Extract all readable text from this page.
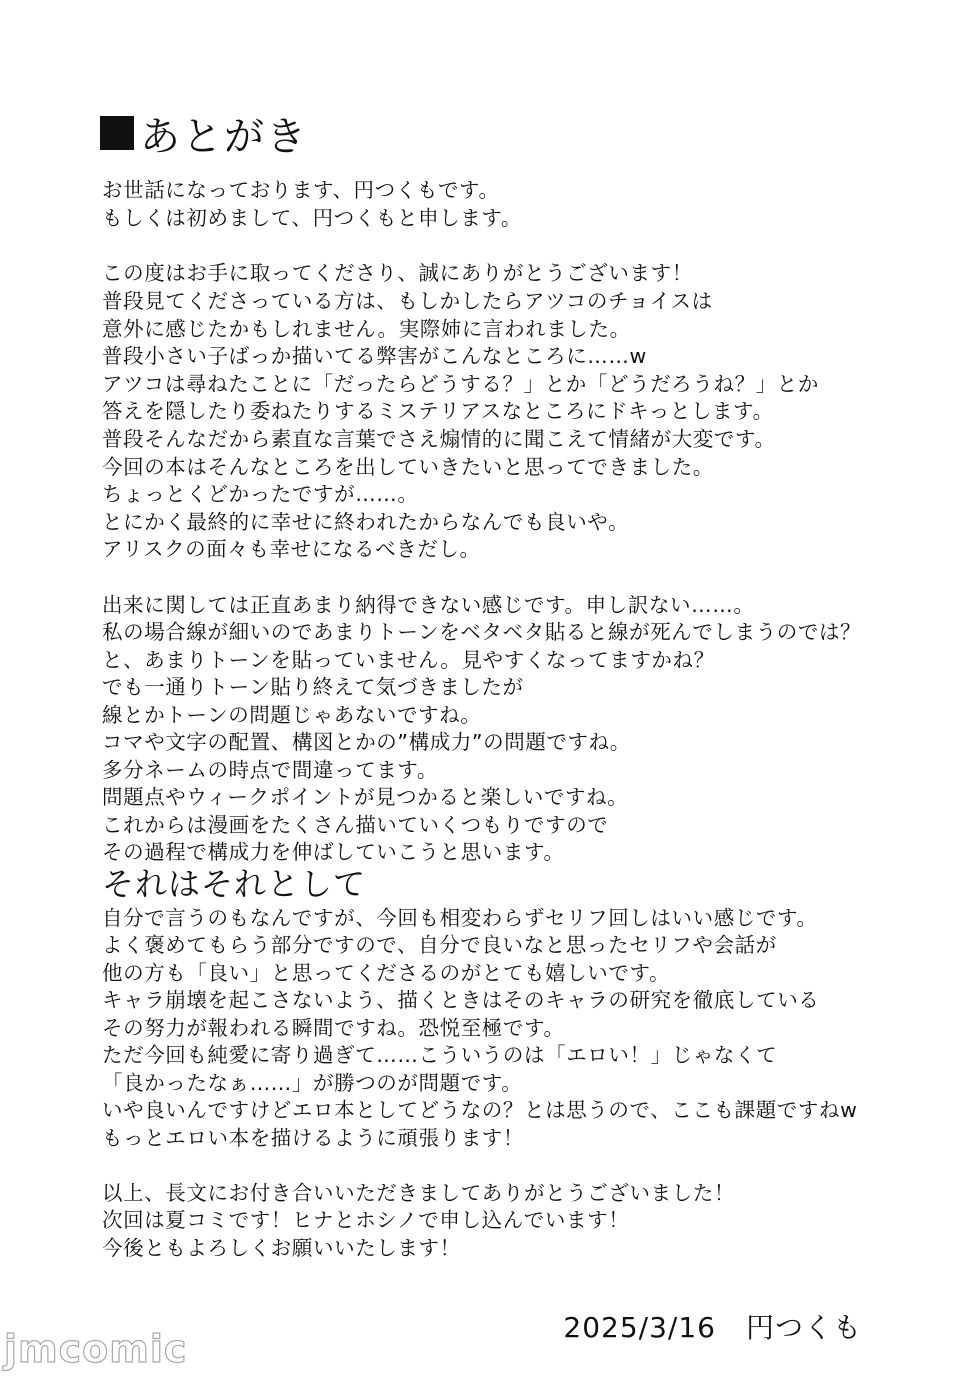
あとがき
お世話になっております、円つくもです。
もしくは初めまして、円つくもと申します。
この度はお手に取ってくださり、誠にありがとうございます！
普段見てくださっている方は、もしかしたらアツコのチョイスは
意外に感じたかもしれません。実際姉に言われました。
普段小さい子ばっか描いてる弊害がこんなところに……w
アツコは尋ねたことに「だったらどうする？」とか「どうだろうね？」とか
答えを隠したり委ねたりするミステリアスなところにドキっとします。
普段そんなだから素直な言葉でさえ煽情的に聞こえて情緒が大変です。
今回の本はそんなところを出していきたいと思ってできました。
ちょっとくどかったですが……。
とにかく最終的に幸せに終われたからなんでも良いや。
アリスクの面々も幸せになるべきだし。
出来に関しては正直あまり納得できない感じです。申し訳ない……。
私の場合線が細いのであまりトーンをベタベタ貼ると線が死んでしまうのでは？
と、あまりトーンを貼っていません。見やすくなってますかね？
でも一通りトーン貼り終えて気づきましたが
線とかトーンの問題じゃあないですね。
コマや文字の配置、構図とかの”構成力”の問題ですね。
多分ネームの時点で間違ってます。
問題点やウィークポイントが見つかると楽しいですね。
これからは漫画をたくさん描いていくつもりですので
その過程で構成力を伸ばしていこうと思います。
それはそれとして
自分で言うのもなんですが、今回も相変わらずセリフ回しはいい感じです。
よく褒めてもらう部分ですので、自分で良いなと思ったセリフや会話が
他の方も「良い」と思ってくださるのがとても嬉しいです。
キャラ崩壊を起こさないよう、描くときはそのキャラの研究を徹底している
その努力が報われる瞬間ですね。恐悦至極です。
ただ今回も純愛に寄り過ぎて……こういうのは「エロい！」じゃなくて
「良かったなぁ……」が勝つのが問題です。
いや良いんですけどエロ本としてどうなの？とは思うので、ここも課題ですねw
もっとエロい本を描けるように頑張ります！
以上、長文にお付き合いいただきましてありがとうございました！
次回は夏コミです！ヒナとホシノで申し込んでいます！
今後ともよろしくお願いいたします！
2025/3/16 円つくも
jmcomic
